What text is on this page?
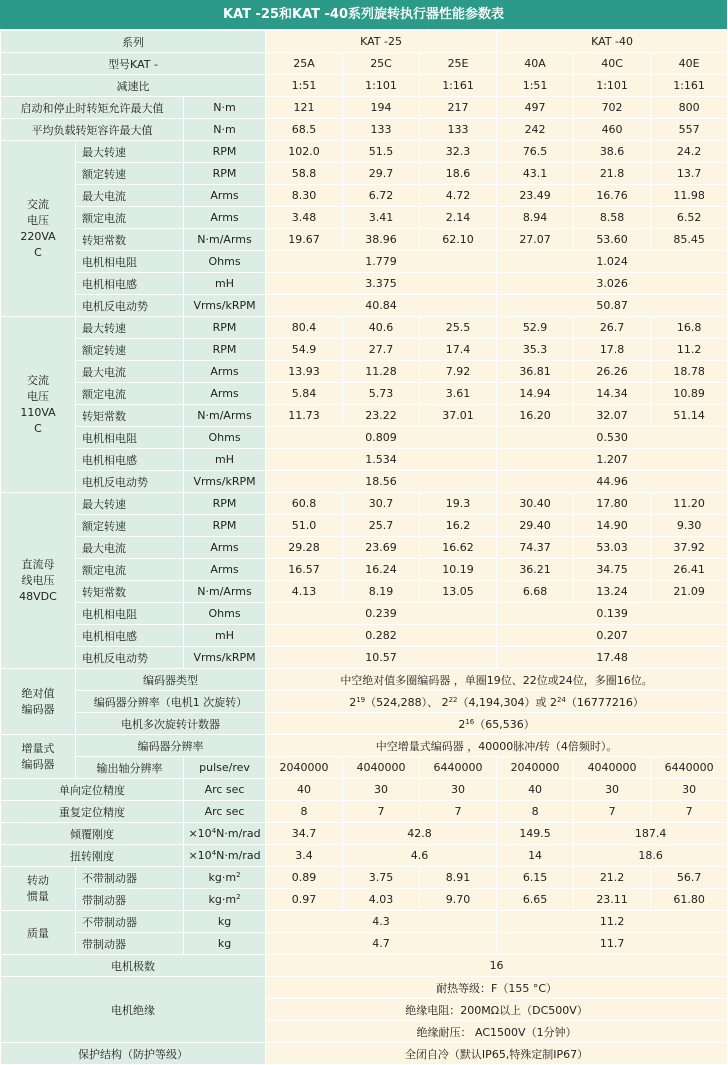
KAT -25和KAT -40系列旋转执行器性能参数表
系列			KAT -25			KAT -40		
型号KAT -			25A	25C	25E	40A	40C	40E
减速比			1:51	1:101	1:161	1:51	1:101	1:161
启动和停止时转矩允许最大值		N·m	121	194	217	497	702	800
平均负载转矩容许最大值		N·m	68.5	133	133	242	460	557
交流
电压
220VA
C	最大转速	RPM	102.0	51.5	32.3	76.5	38.6	24.2
	额定转速	RPM	58.8	29.7	18.6	43.1	21.8	13.7
	最大电流	Arms	8.30	6.72	4.72	23.49	16.76	11.98
	额定电流	Arms	3.48	3.41	2.14	8.94	8.58	6.52
	转矩常数	N·m/Arms	19.67	38.96	62.10	27.07	53.60	85.45
	电机相电阻	Ohms	1.779			1.024		
	电机相电感	mH	3.375			3.026		
	电机反电动势	Vrms/kRPM	40.84			50.87		
交流
电压
110VA
C	最大转速	RPM	80.4	40.6	25.5	52.9	26.7	16.8
	额定转速	RPM	54.9	27.7	17.4	35.3	17.8	11.2
	最大电流	Arms	13.93	11.28	7.92	36.81	26.26	18.78
	额定电流	Arms	5.84	5.73	3.61	14.94	14.34	10.89
	转矩常数	N·m/Arms	11.73	23.22	37.01	16.20	32.07	51.14
	电机相电阻	Ohms	0.809			0.530		
	电机相电感	mH	1.534			1.207		
	电机反电动势	Vrms/kRPM	18.56			44.96		
直流母
线电压
48VDC	最大转速	RPM	60.8	30.7	19.3	30.40	17.80	11.20
	额定转速	RPM	51.0	25.7	16.2	29.40	14.90	9.30
	最大电流	Arms	29.28	23.69	16.62	74.37	53.03	37.92
	额定电流	Arms	16.57	16.24	10.19	36.21	34.75	26.41
	转矩常数	N·m/Arms	4.13	8.19	13.05	6.68	13.24	21.09
	电机相电阻	Ohms	0.239			0.139		
	电机相电感	mH	0.282			0.207		
	电机反电动势	Vrms/kRPM	10.57			17.48		
绝对值
编码器	编码器类型		中空绝对值多圈编码器 ，单圈19位、22位或24位，多圈16位。					
	编码器分辨率（电机1 次旋转）		$2^{19}(524,288)$、 $2^{22}(4,194,304)$或 $2^{24}(16777216)$					
	电机多次旋转计数器		$2^{16}(65,536)$					
增量式
编码器	编码器分辨率		中空增量式编码器 ，40000脉冲/转（4倍频时）。					
	输出轴分辨率	pulse/rev	2040000	4040000	6440000	2040000	4040000	6440000
单向定位精度		Arc sec	40	30	30	40	30	30
重复定位精度		Arc sec	8	7	7	8	7	7
倾覆刚度		$\times 10^4N\cdot m$/rad	34.7	42.8		149.5	187.4	
扭转刚度		$\times 10^4N\cdot m$/rad	3.4	4.6		14	18.6	
转动
惯量	不带制动器	$kg\cdot m^2$	0.89	3.75	8.91	6.15	21.2	56.7
	带制动器	$kg\cdot m^2$	0.97	4.03	9.70	6.65	23.11	61.80
质量	不带制动器	kg	4.3			11.2		
	带制动器	kg	4.7			11.7		
电机极数			16					
电机绝缘			耐热等级：F（155 °C）					
			绝缘电阻：200MΩ以上（DC500V）					
			绝缘耐压： AC1500V（1分钟）					
保护结构（防护等级）			全闭自冷（默认IP65,特殊定制IP67）					
